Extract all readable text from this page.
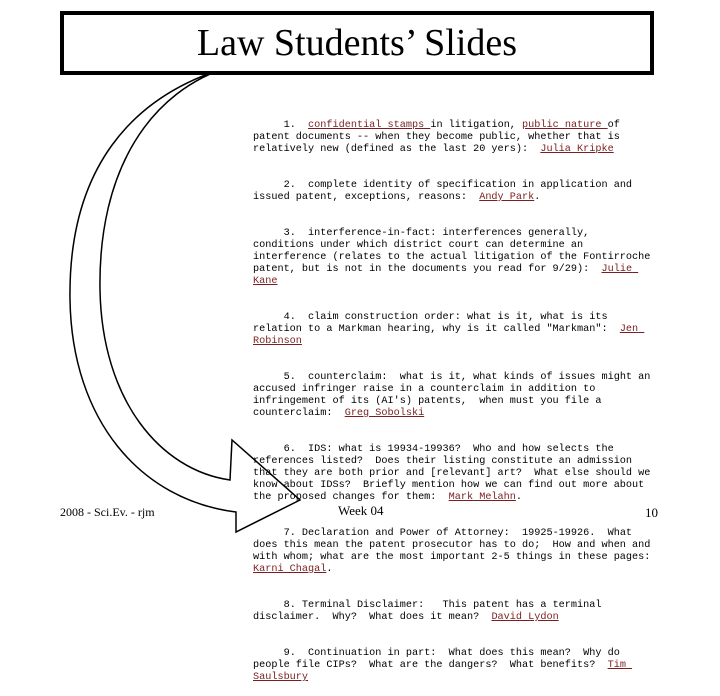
Law Students’ Slides

1.  confidential stamps in litigation, public nature of patent documents -- when they become public, whether that is relatively new (defined as the last 20 yers):  Julia Kripke

2.  complete identity of specification in application and issued patent, exceptions, reasons:  Andy Park.

3.  interference-in-fact: interferences generally, conditions under which district court can determine an interference (relates to the actual litigation of the Fontirroche patent, but is not in the documents you read for 9/29):  Julie Kane

4.  claim construction order: what is it, what is its relation to a Markman hearing, why is it called "Markman":  Jen Robinson

5.  counterclaim:  what is it, what kinds of issues might an accused infringer raise in a counterclaim in addition to infringement of its (AI's) patents,  when must you file a counterclaim:  Greg Sobolski

6.  IDS: what is 19934-19936?  Who and how selects the references listed?  Does their listing constitute an admission that they are both prior and [relevant] art?  What else should we know about IDSs?  Briefly mention how we can find out more about the proposed changes for them:  Mark Melahn.

7. Declaration and Power of Attorney:  19925-19926.  What does this mean the patent prosecutor has to do;  How and when and with whom; what are the most important 2-5 things in these pages:  Karni Chagal.

8. Terminal Disclaimer:   This patent has a terminal disclaimer.  Why?  What does it mean?  David Lydon

9.  Continuation in part:  What does this mean?  Why do people file CIPs?  What are the dangers?  What benefits?  Tim Saulsbury

2008 - Sci.Ev. - rjm	Week 04	10
